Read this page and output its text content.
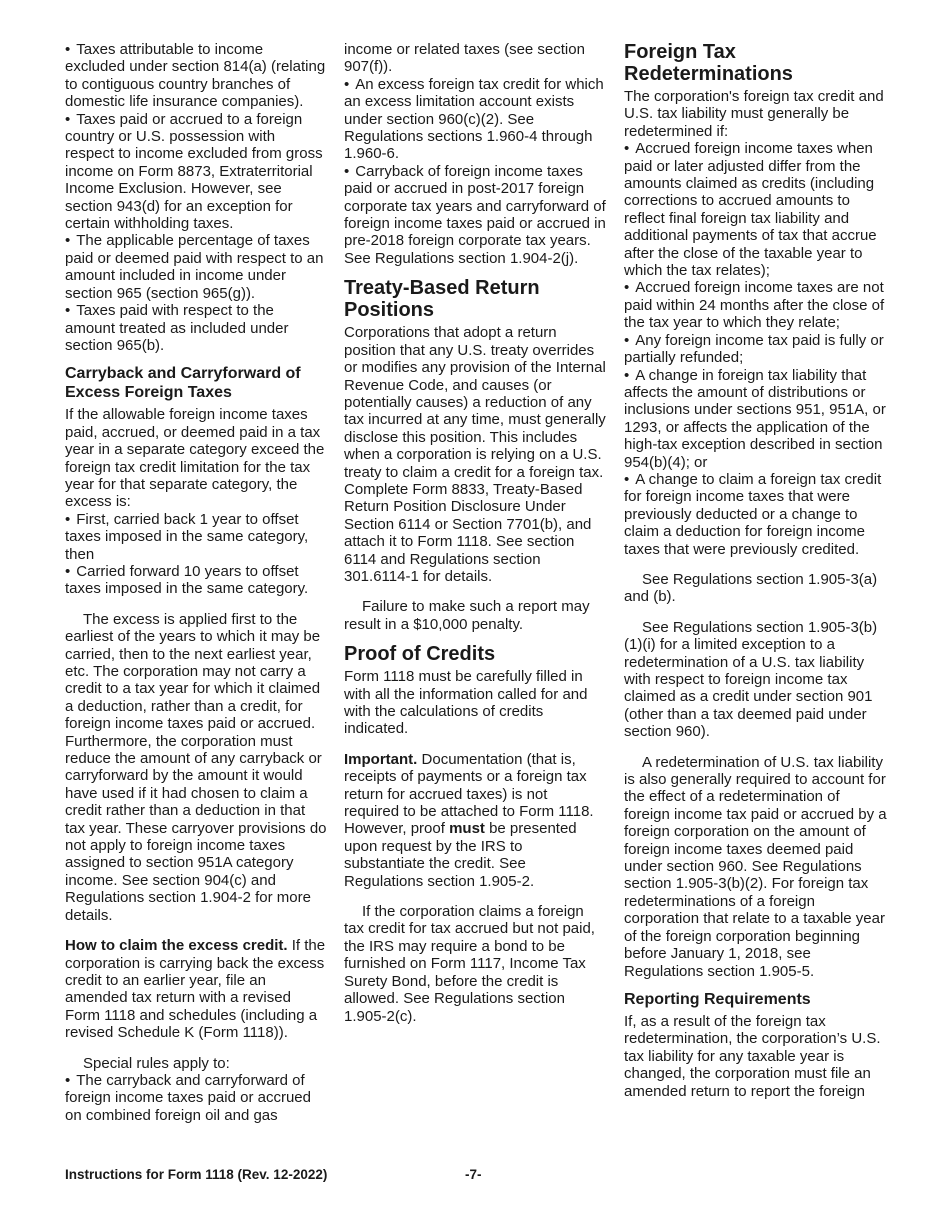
• Taxes attributable to income excluded under section 814(a) (relating to contiguous country branches of domestic life insurance companies).

• Taxes paid or accrued to a foreign country or U.S. possession with respect to income excluded from gross income on Form 8873, Extraterritorial Income Exclusion. However, see section 943(d) for an exception for certain withholding taxes.

• The applicable percentage of taxes paid or deemed paid with respect to an amount included in income under section 965 (section 965(g)).

• Taxes paid with respect to the amount treated as included under section 965(b).

Carryback and Carryforward of Excess Foreign Taxes

If the allowable foreign income taxes paid, accrued, or deemed paid in a tax year in a separate category exceed the foreign tax credit limitation for the tax year for that separate category, the excess is:

• First, carried back 1 year to offset taxes imposed in the same category, then

• Carried forward 10 years to offset taxes imposed in the same category.

The excess is applied first to the earliest of the years to which it may be carried, then to the next earliest year, etc. The corporation may not carry a credit to a tax year for which it claimed a deduction, rather than a credit, for foreign income taxes paid or accrued. Furthermore, the corporation must reduce the amount of any carryback or carryforward by the amount it would have used if it had chosen to claim a credit rather than a deduction in that tax year. These carryover provisions do not apply to foreign income taxes assigned to section 951A category income. See section 904(c) and Regulations section 1.904-2 for more details.

How to claim the excess credit. If the corporation is carrying back the excess credit to an earlier year, file an amended tax return with a revised Form 1118 and schedules (including a revised Schedule K (Form 1118)).

Special rules apply to:

• The carryback and carryforward of foreign income taxes paid or accrued on combined foreign oil and gas

income or related taxes (see section 907(f)).

• An excess foreign tax credit for which an excess limitation account exists under section 960(c)(2). See Regulations sections 1.960-4 through 1.960-6.

• Carryback of foreign income taxes paid or accrued in post-2017 foreign corporate tax years and carryforward of foreign income taxes paid or accrued in pre-2018 foreign corporate tax years. See Regulations section 1.904-2(j).

Treaty-Based Return Positions

Corporations that adopt a return position that any U.S. treaty overrides or modifies any provision of the Internal Revenue Code, and causes (or potentially causes) a reduction of any tax incurred at any time, must generally disclose this position. This includes when a corporation is relying on a U.S. treaty to claim a credit for a foreign tax. Complete Form 8833, Treaty-Based Return Position Disclosure Under Section 6114 or Section 7701(b), and attach it to Form 1118. See section 6114 and Regulations section 301.6114-1 for details.

Failure to make such a report may result in a $10,000 penalty.

Proof of Credits

Form 1118 must be carefully filled in with all the information called for and with the calculations of credits indicated.

Important. Documentation (that is, receipts of payments or a foreign tax return for accrued taxes) is not required to be attached to Form 1118. However, proof must be presented upon request by the IRS to substantiate the credit. See Regulations section 1.905-2.

If the corporation claims a foreign tax credit for tax accrued but not paid, the IRS may require a bond to be furnished on Form 1117, Income Tax Surety Bond, before the credit is allowed. See Regulations section 1.905-2(c).

Foreign Tax Redeterminations

The corporation's foreign tax credit and U.S. tax liability must generally be redetermined if:

• Accrued foreign income taxes when paid or later adjusted differ from the amounts claimed as credits (including corrections to accrued amounts to reflect final foreign tax liability and additional payments of tax that accrue after the close of the taxable year to which the tax relates);

• Accrued foreign income taxes are not paid within 24 months after the close of the tax year to which they relate;

• Any foreign income tax paid is fully or partially refunded;

• A change in foreign tax liability that affects the amount of distributions or inclusions under sections 951, 951A, or 1293, or affects the application of the high-tax exception described in section 954(b)(4); or

• A change to claim a foreign tax credit for foreign income taxes that were previously deducted or a change to claim a deduction for foreign income taxes that were previously credited.

See Regulations section 1.905-3(a) and (b).

See Regulations section 1.905-3(b)(1)(i) for a limited exception to a redetermination of a U.S. tax liability with respect to foreign income tax claimed as a credit under section 901 (other than a tax deemed paid under section 960).

A redetermination of U.S. tax liability is also generally required to account for the effect of a redetermination of foreign income tax paid or accrued by a foreign corporation on the amount of foreign income taxes deemed paid under section 960. See Regulations section 1.905-3(b)(2). For foreign tax redeterminations of a foreign corporation that relate to a taxable year of the foreign corporation beginning before January 1, 2018, see Regulations section 1.905-5.

Reporting Requirements

If, as a result of the foreign tax redetermination, the corporation’s U.S. tax liability for any taxable year is changed, the corporation must file an amended return to report the foreign

Instructions for Form 1118 (Rev. 12-2022)	-7-
